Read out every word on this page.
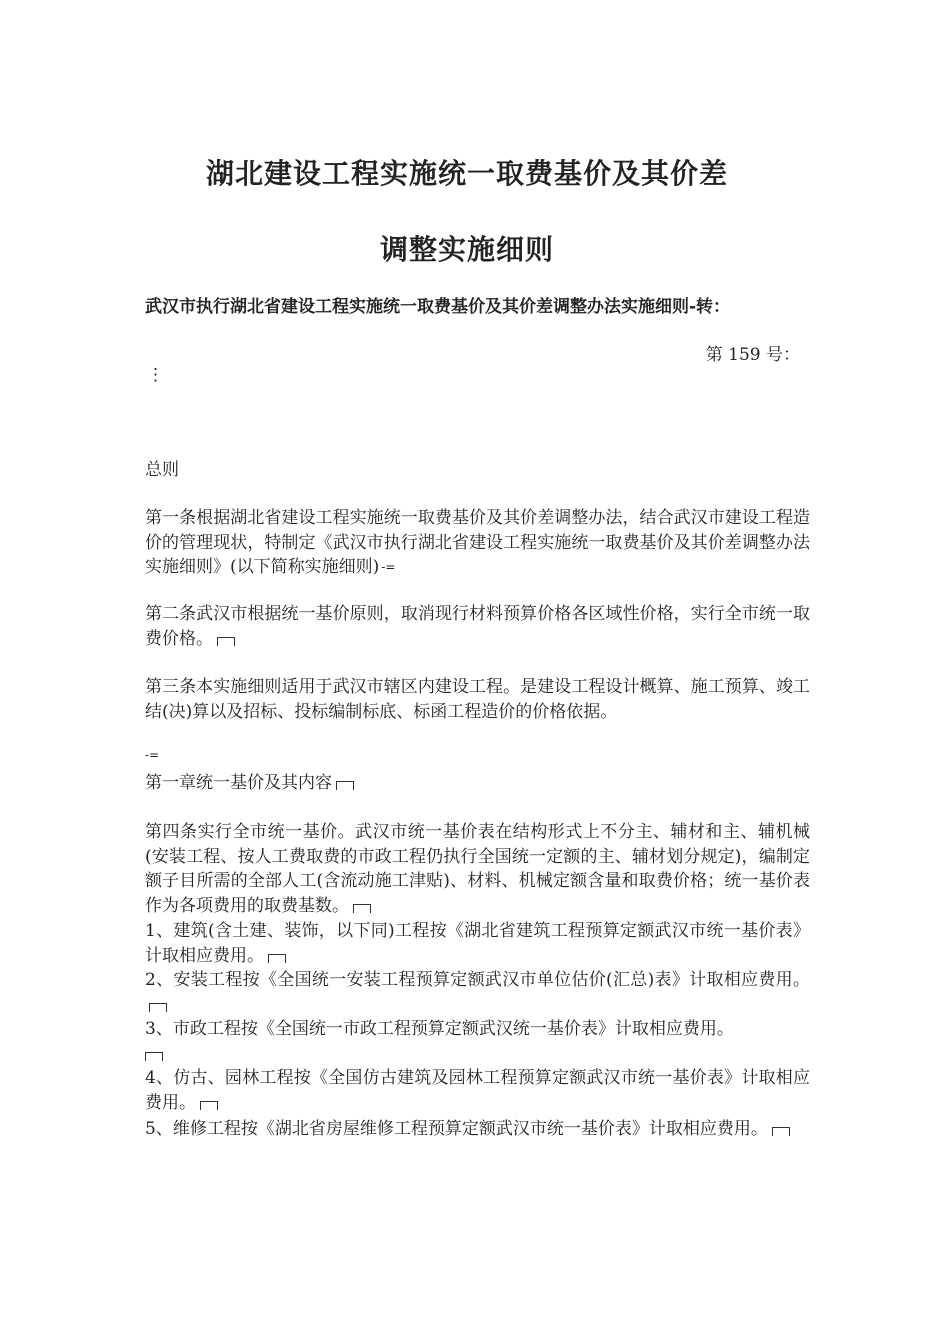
湖北建设工程实施统一取费基价及其价差
调整实施细则
武汉市执行湖北省建设工程实施统一取费基价及其价差调整办法实施细则-转：
第 159 号：
⋮
总则
第一条根据湖北省建设工程实施统一取费基价及其价差调整办法，结合武汉市建设工程造价的管理现状，特制定《武汉市执行湖北省建设工程实施统一取费基价及其价差调整办法实施细则》(以下简称实施细则) -=
第二条武汉市根据统一基价原则，取消现行材料预算价格各区域性价格，实行全市统一取费价格。
第三条本实施细则适用于武汉市辖区内建设工程。是建设工程设计概算、施工预算、竣工结(决)算以及招标、投标编制标底、标函工程造价的价格依据。
-=
第一章统一基价及其内容
第四条实行全市统一基价。武汉市统一基价表在结构形式上不分主、辅材和主、辅机械(安装工程、按人工费取费的市政工程仍执行全国统一定额的主、辅材划分规定)，编制定额子目所需的全部人工(含流动施工津贴)、材料、机械定额含量和取费价格；统一基价表作为各项费用的取费基数。
1、建筑(含土建、装饰，以下同)工程按《湖北省建筑工程预算定额武汉市统一基价表》计取相应费用。
2、安装工程按《全国统一安装工程预算定额武汉市单位估价(汇总)表》计取相应费用。
3、市政工程按《全国统一市政工程预算定额武汉统一基价表》计取相应费用。

4、仿古、园林工程按《全国仿古建筑及园林工程预算定额武汉市统一基价表》计取相应费用。
5、维修工程按《湖北省房屋维修工程预算定额武汉市统一基价表》计取相应费用。
